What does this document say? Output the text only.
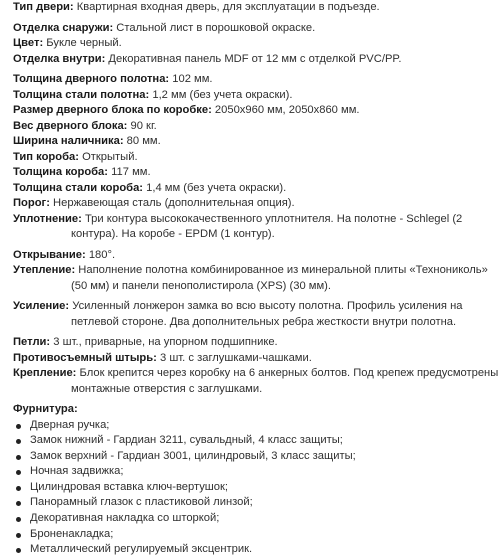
Тип двери: Квартирная входная дверь, для эксплуатации в подъезде.

Отделка снаружи: Стальной лист в порошковой окраске.

Цвет: Букле черный.

Отделка внутри: Декоративная панель MDF от 12 мм с отделкой PVC/PP.

Толщина дверного полотна: 102 мм.

Толщина стали полотна: 1,2 мм (без учета окраски).

Размер дверного блока по коробке: 2050х960 мм, 2050х860 мм.

Вес дверного блока: 90 кг.

Ширина наличника: 80 мм.

Тип короба: Открытый.

Толщина короба: 117 мм.

Толщина стали короба: 1,4 мм (без учета окраски).

Порог: Нержавеющая сталь (дополнительная опция).

Уплотнение: Три контура высококачественного уплотнителя. На полотне - Schlegel (2 контура). На коробе - EPDM (1 контур).

Открывание: 180°.

Утепление: Наполнение полотна комбинированное из минеральной плиты «Технониколь» (50 мм) и панели пенополистирола (XPS) (30 мм).

Усиление: Усиленный лонжерон замка во всю высоту полотна. Профиль усиления на петлевой стороне. Два дополнительных ребра жесткости внутри полотна.

Петли: 3 шт., приварные, на упорном подшипнике.

Противосъемный штырь: 3 шт. с заглушками-чашками.

Крепление: Блок крепится через коробку на 6 анкерных болтов. Под крепеж предусмотрены монтажные отверстия с заглушками.

Фурнитура:
Дверная ручка;
Замок нижний - Гардиан 3211, сувальдный, 4 класс защиты;
Замок верхний - Гардиан 3001, цилиндровый, 3 класс защиты;
Ночная задвижка;
Цилиндровая вставка ключ-вертушок;
Панорамный глазок с пластиковой линзой;
Декоративная накладка со шторкой;
Броненакладка;
Металлический регулируемый эксцентрик.
